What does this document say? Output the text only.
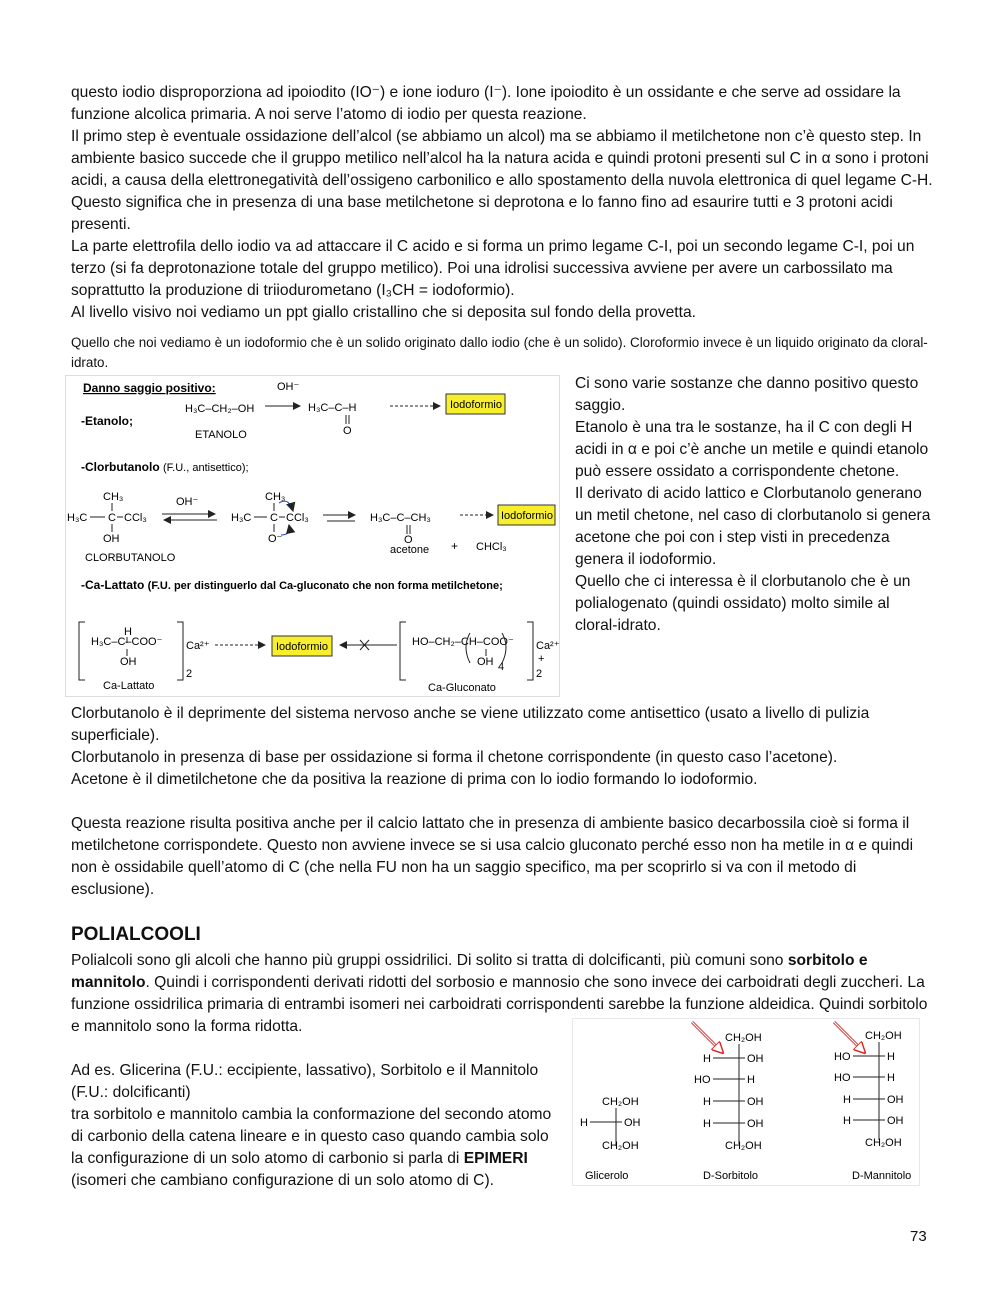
questo iodio disproporziona ad ipoiodito (IO⁻) e ione ioduro (I⁻). Ione ipoiodito è un ossidante e che serve ad ossidare la funzione alcolica primaria. A noi serve l’atomo di iodio per questa reazione.

Il primo step è eventuale ossidazione dell’alcol (se abbiamo un alcol) ma se abbiamo il metilchetone non c’è questo step. In ambiente basico succede che il gruppo metilico nell’alcol ha la natura acida e quindi protoni presenti sul C in α sono i protoni acidi, a causa della elettronegatività dell’ossigeno carbonilico e allo spostamento della nuvola elettronica di quel legame C-H. Questo significa che in presenza di una base metilchetone si deprotona e lo fanno fino ad esaurire tutti e 3 protoni acidi presenti.

La parte elettrofila dello iodio va ad attaccare il C acido e si forma un primo legame C-I, poi un secondo legame C-I, poi un terzo (si fa deprotonazione totale del gruppo metilico). Poi una idrolisi successiva avviene per avere un carbossilato ma soprattutto la produzione di triiodurometano (I₃CH = iodoformio).

Al livello visivo noi vediamo un ppt giallo cristallino che si deposita sul fondo della provetta.

Quello che noi vediamo è un iodoformio che è un solido originato dallo iodio (che è un solido). Cloroformio invece è un liquido originato da cloral-idrato.

Danno saggio positivo:
-Etanolo;
H₃C–CH₂–OH
ETANOLO
OH⁻
H₃C–C–H
O
Iodoformio
-Clorbutanolo (F.U., antisettico);
CH₃
H₃C C CCl₃
OH
CLORBUTANOLO
OH⁻	CH₃
H₃C C CCl₃
O⁻
H₃C–C–CH₃
O
acetone + CHCl₃
Iodoformio
-Ca-Lattato (F.U. per distinguerlo dal Ca-gluconato che non forma metilchetone;
H
H₃C–C–COO⁻
OH
Ca²⁺
2
Ca-Lattato
Iodoformio	HO–CH₂–CH–COO⁻
OH 4
Ca²⁺
+
2
Ca-Gluconato

Ci sono varie sostanze che danno positivo questo saggio.

Etanolo è una tra le sostanze, ha il C con degli H acidi in α e poi c’è anche un metile e quindi etanolo può essere ossidato a corrispondente chetone.

Il derivato di acido lattico e Clorbutanolo generano un metil chetone, nel caso di clorbutanolo si genera acetone che poi con i step visti in precedenza genera il iodoformio.

Quello che ci interessa è il clorbutanolo che è un polialogenato (quindi ossidato) molto simile al cloral-idrato.

Clorbutanolo è il deprimente del sistema nervoso anche se viene utilizzato come antisettico (usato a livello di pulizia superficiale).

Clorbutanolo in presenza di base per ossidazione si forma il chetone corrispondente (in questo caso l’acetone).

Acetone è il dimetilchetone che da positiva la reazione di prima con lo iodio formando lo iodoformio.

Questa reazione risulta positiva anche per il calcio lattato che in presenza di ambiente basico decarbossila cioè si forma il metilchetone corrispondete. Questo non avviene invece se si usa calcio gluconato perché esso non ha metile in α e quindi non è ossidabile quell’atomo di C (che nella FU non ha un saggio specifico, ma per scoprirlo si va con il metodo di esclusione).

POLIALCOOLI

Polialcoli sono gli alcoli che hanno più gruppi ossidrilici. Di solito si tratta di dolcificanti, più comuni sono sorbitolo e mannitolo. Quindi i corrispondenti derivati ridotti del sorbosio e mannosio che sono invece dei carboidrati degli zuccheri. La funzione ossidrilica primaria di entrambi isomeri nei carboidrati corrispondenti sarebbe la funzione aldeidica. Quindi sorbitolo e mannitolo sono la forma ridotta.

Ad es. Glicerina (F.U.: eccipiente, lassativo), Sorbitolo e il Mannitolo (F.U.: dolcificanti)

tra sorbitolo e mannitolo cambia la conformazione del secondo atomo di carbonio della catena lineare e in questo caso quando cambia solo la configurazione di un solo atomo di carbonio si parla di EPIMERI (isomeri che cambiano configurazione di un solo atomo di C).

CH₂OH
H	OH
CH₂OH
Glicerolo
CH₂OH
H	OH
HO	H
H	OH
H	OH
CH₂OH
D-Sorbitolo
CH₂OH
HO	H
HO	H
H	OH
H	OH
CH₂OH
D-Mannitolo
73
